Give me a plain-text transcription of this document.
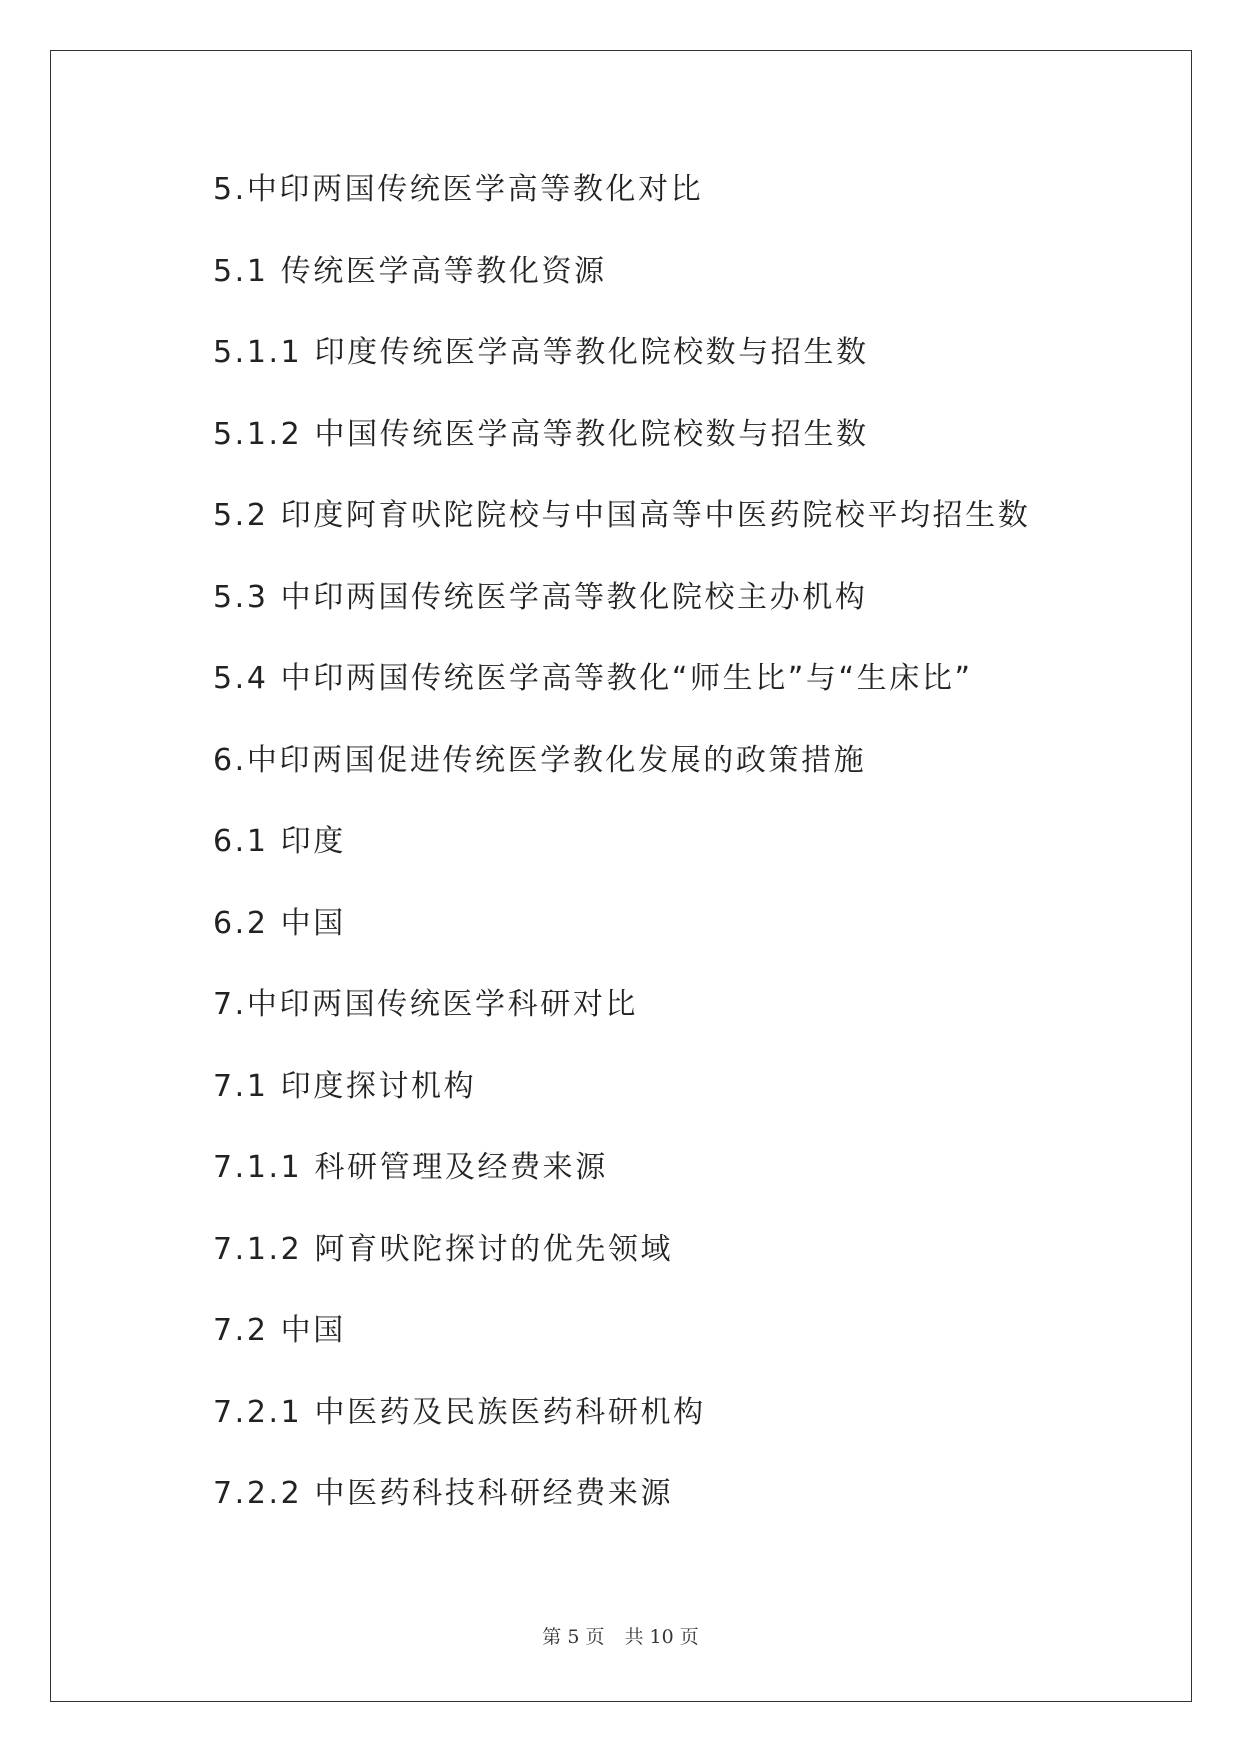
5.中印两国传统医学高等教化对比
5.1 传统医学高等教化资源
5.1.1 印度传统医学高等教化院校数与招生数
5.1.2 中国传统医学高等教化院校数与招生数
5.2 印度阿育吠陀院校与中国高等中医药院校平均招生数
5.3 中印两国传统医学高等教化院校主办机构
5.4 中印两国传统医学高等教化“师生比”与“生床比”
6.中印两国促进传统医学教化发展的政策措施
6.1 印度
6.2 中国
7.中印两国传统医学科研对比
7.1 印度探讨机构
7.1.1 科研管理及经费来源
7.1.2 阿育吠陀探讨的优先领域
7.2 中国
7.2.1 中医药及民族医药科研机构
7.2.2 中医药科技科研经费来源
第 5 页 共 10 页
